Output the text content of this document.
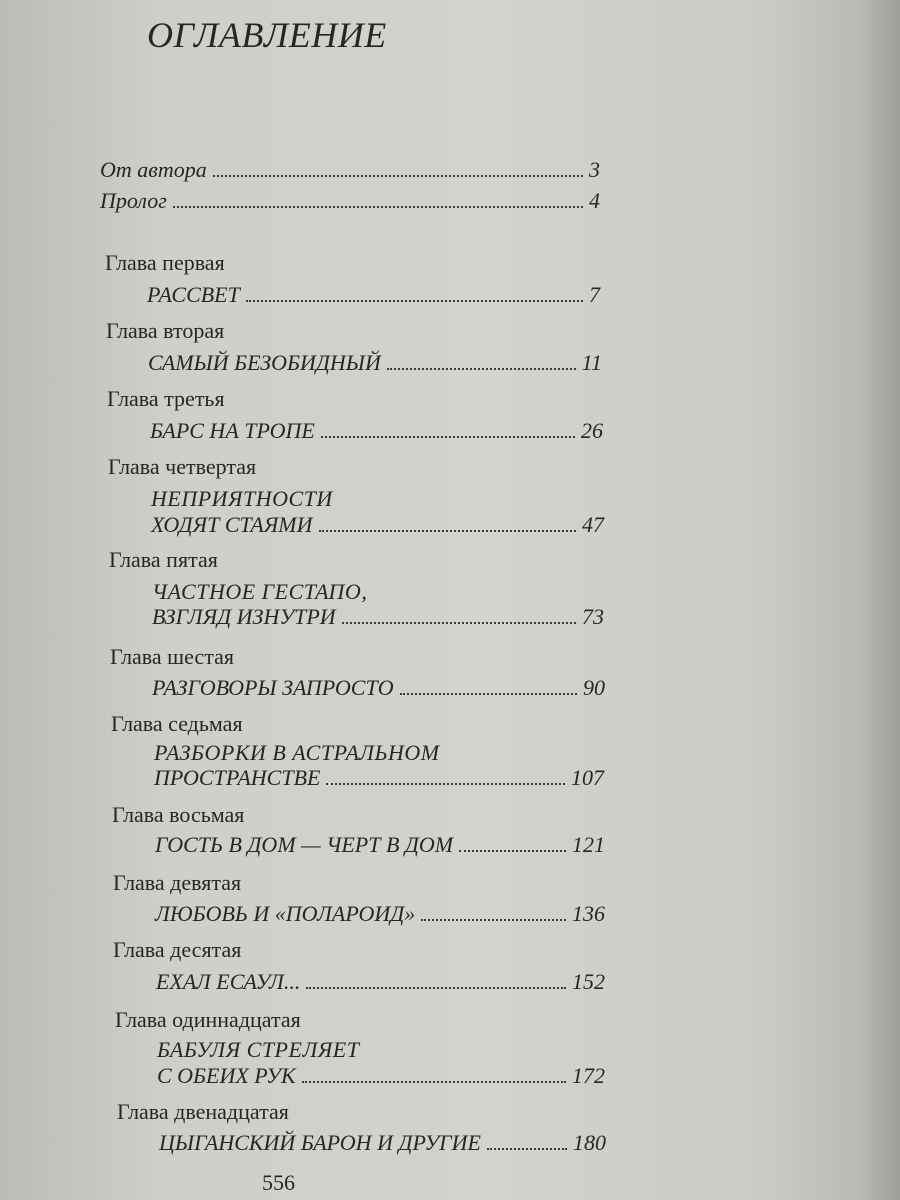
ОГЛАВЛЕНИЕ
От автора	3
Пролог	4
Глава первая
РАССВЕТ	7
Глава вторая
САМЫЙ БЕЗОБИДНЫЙ	11
Глава третья
БАРС НА ТРОПЕ	26
Глава четвертая
НЕПРИЯТНОСТИ
ХОДЯТ СТАЯМИ	47
Глава пятая
ЧАСТНОЕ ГЕСТАПО,
ВЗГЛЯД ИЗНУТРИ	73
Глава шестая
РАЗГОВОРЫ ЗАПРОСТО	90
Глава седьмая
РАЗБОРКИ В АСТРАЛЬНОМ
ПРОСТРАНСТВЕ	107
Глава восьмая
ГОСТЬ В ДОМ — ЧЕРТ В ДОМ	121
Глава девятая
ЛЮБОВЬ И «ПОЛАРОИД»	136
Глава десятая
ЕХАЛ ЕСАУЛ...	152
Глава одиннадцатая
БАБУЛЯ СТРЕЛЯЕТ
С ОБЕИХ РУК	172
Глава двенадцатая
ЦЫГАНСКИЙ БАРОН И ДРУГИЕ	180
556
